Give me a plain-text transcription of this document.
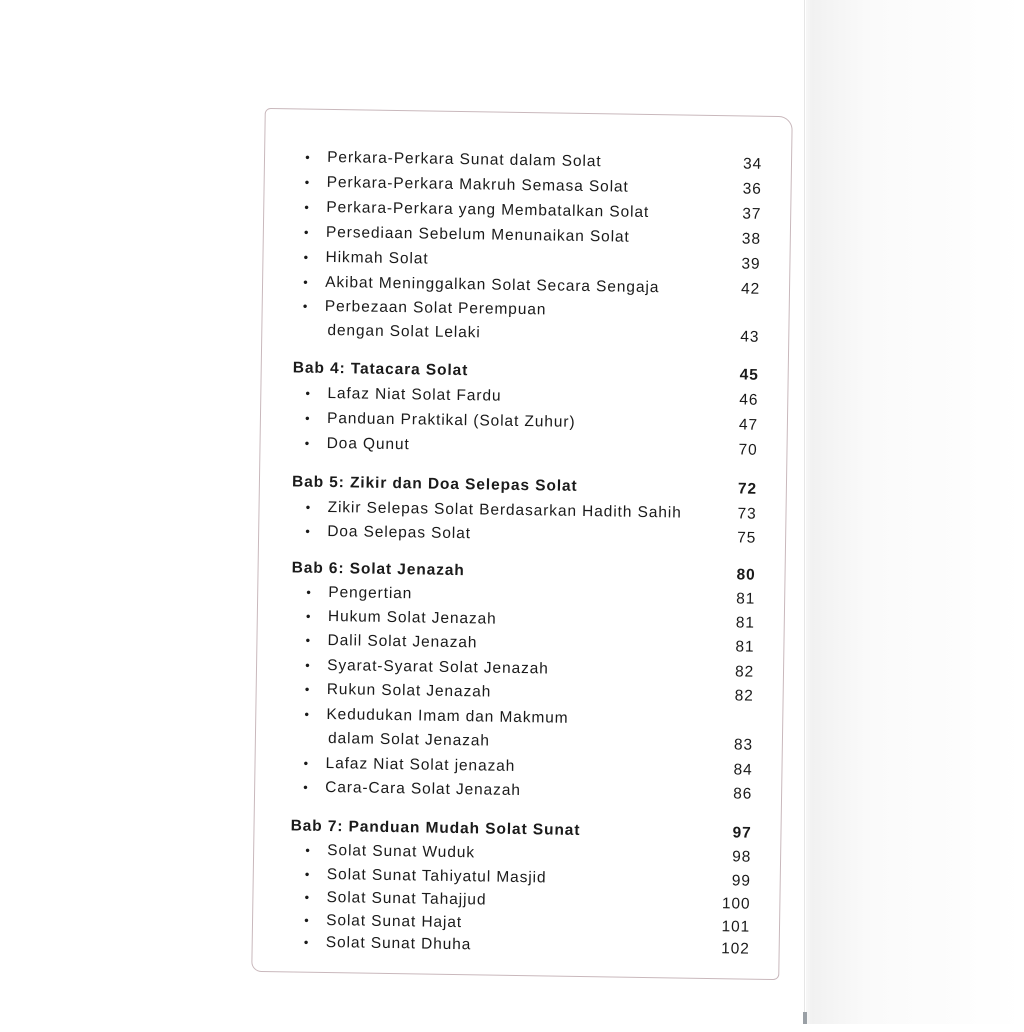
• Perkara-Perkara Sunat dalam Solat	34
• Perkara-Perkara Makruh Semasa Solat	36
• Perkara-Perkara yang Membatalkan Solat	37
• Persediaan Sebelum Menunaikan Solat	38
• Hikmah Solat	39
• Akibat Meninggalkan Solat Secara Sengaja	42
• Perbezaan Solat Perempuan
dengan Solat Lelaki	43
Bab 4: Tatacara Solat	45
• Lafaz Niat Solat Fardu	46
• Panduan Praktikal (Solat Zuhur)	47
• Doa Qunut	70
Bab 5: Zikir dan Doa Selepas Solat	72
• Zikir Selepas Solat Berdasarkan Hadith Sahih	73
• Doa Selepas Solat	75
Bab 6: Solat Jenazah	80
• Pengertian	81
• Hukum Solat Jenazah	81
• Dalil Solat Jenazah	81
• Syarat-Syarat Solat Jenazah	82
• Rukun Solat Jenazah	82
• Kedudukan Imam dan Makmum
dalam Solat Jenazah	83
• Lafaz Niat Solat jenazah	84
• Cara-Cara Solat Jenazah	86
Bab 7: Panduan Mudah Solat Sunat	97
• Solat Sunat Wuduk	98
• Solat Sunat Tahiyatul Masjid	99
• Solat Sunat Tahajjud	100
• Solat Sunat Hajat	101
• Solat Sunat Dhuha	102
